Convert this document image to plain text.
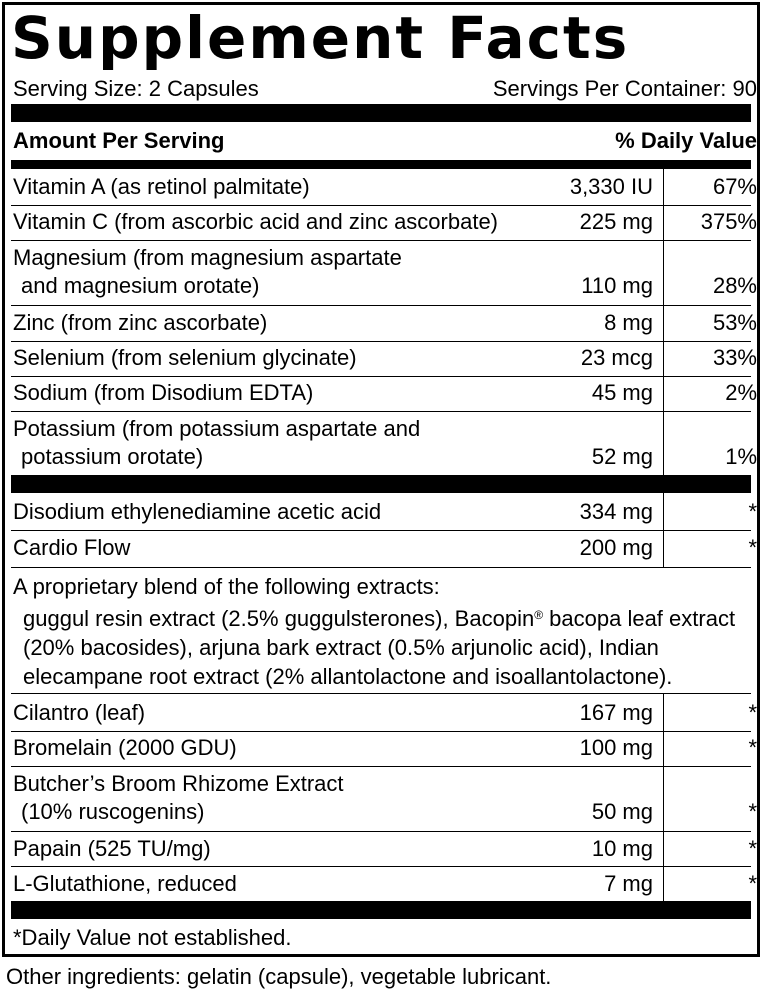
Supplement Facts
Serving Size: 2 Capsules	Servings Per Container: 90
Amount Per Serving	% Daily Value
Vitamin A (as retinol palmitate)	3,330 IU	67%
Vitamin C (from ascorbic acid and zinc ascorbate)	225 mg 375%
Magnesium (from magnesium aspartate
and magnesium orotate)	110 mg	28%
Zinc (from zinc ascorbate)	8 mg	53%
Selenium (from selenium glycinate)	23 mcg	33%
Sodium (from Disodium EDTA)	45 mg	2%
Potassium (from potassium aspartate and
potassium orotate)	52 mg	1%
Disodium ethylenediamine acetic acid	334 mg	*
Cardio Flow	200 mg	*
A proprietary blend of the following extracts:
guggul resin extract (2.5% guggulsterones), Bacopin® bacopa leaf extract
(20% bacosides), arjuna bark extract (0.5% arjunolic acid), Indian
elecampane root extract (2% allantolactone and isoallantolactone).
Cilantro (leaf)	167 mg	*
Bromelain (2000 GDU)	100 mg	*
Butcher’s Broom Rhizome Extract
(10% ruscogenins)	50 mg	*
Papain (525 TU/mg)	10 mg	*
L-Glutathione, reduced	7 mg	*
*Daily Value not established.
Other ingredients: gelatin (capsule), vegetable lubricant.
